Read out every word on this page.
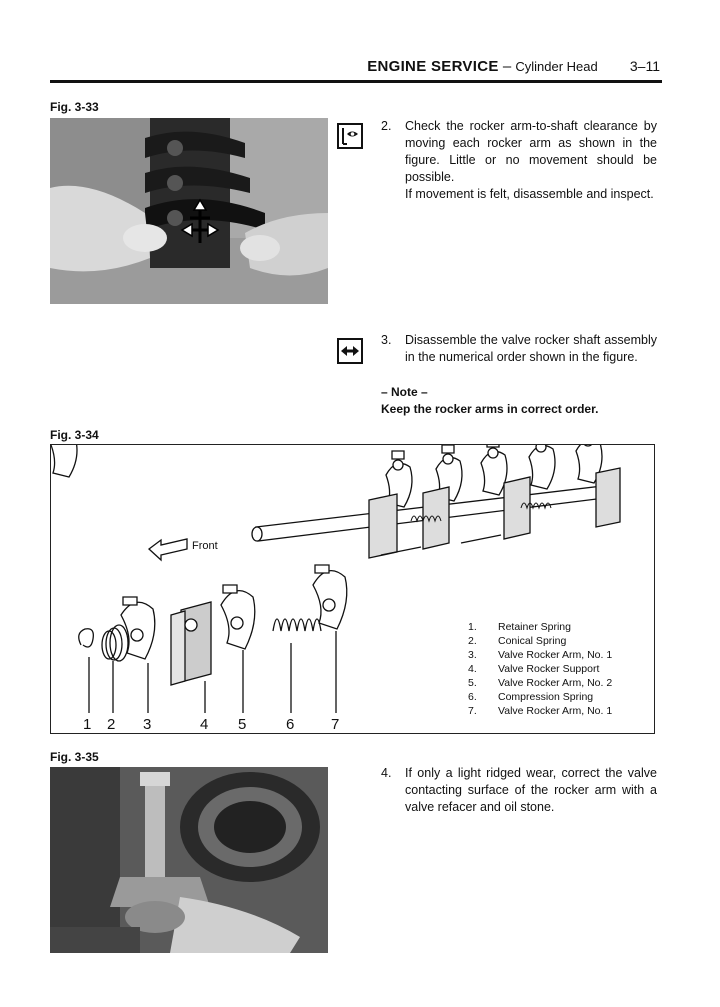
ENGINE SERVICE – Cylinder Head 3–11
Fig. 3-33
2. Check the rocker arm-to-shaft clearance by moving each rocker arm as shown in the figure. Little or no movement should be possible.
If movement is felt, disassemble and inspect.
3. Disassemble the valve rocker shaft assembly in the numerical order shown in the figure.
– Note –
Keep the rocker arms in correct order.
Fig. 3-34
Front
1.	Retainer Spring
2.	Conical Spring
3.	Valve Rocker Arm, No. 1
4.	Valve Rocker Support
5.	Valve Rocker Arm, No. 2
6.	Compression Spring
7.	Valve Rocker Arm, No. 1
1 2 3	4 5	6 7
Fig. 3-35
4. If only a light ridged wear, correct the valve contacting surface of the rocker arm with a valve refacer and oil stone.
